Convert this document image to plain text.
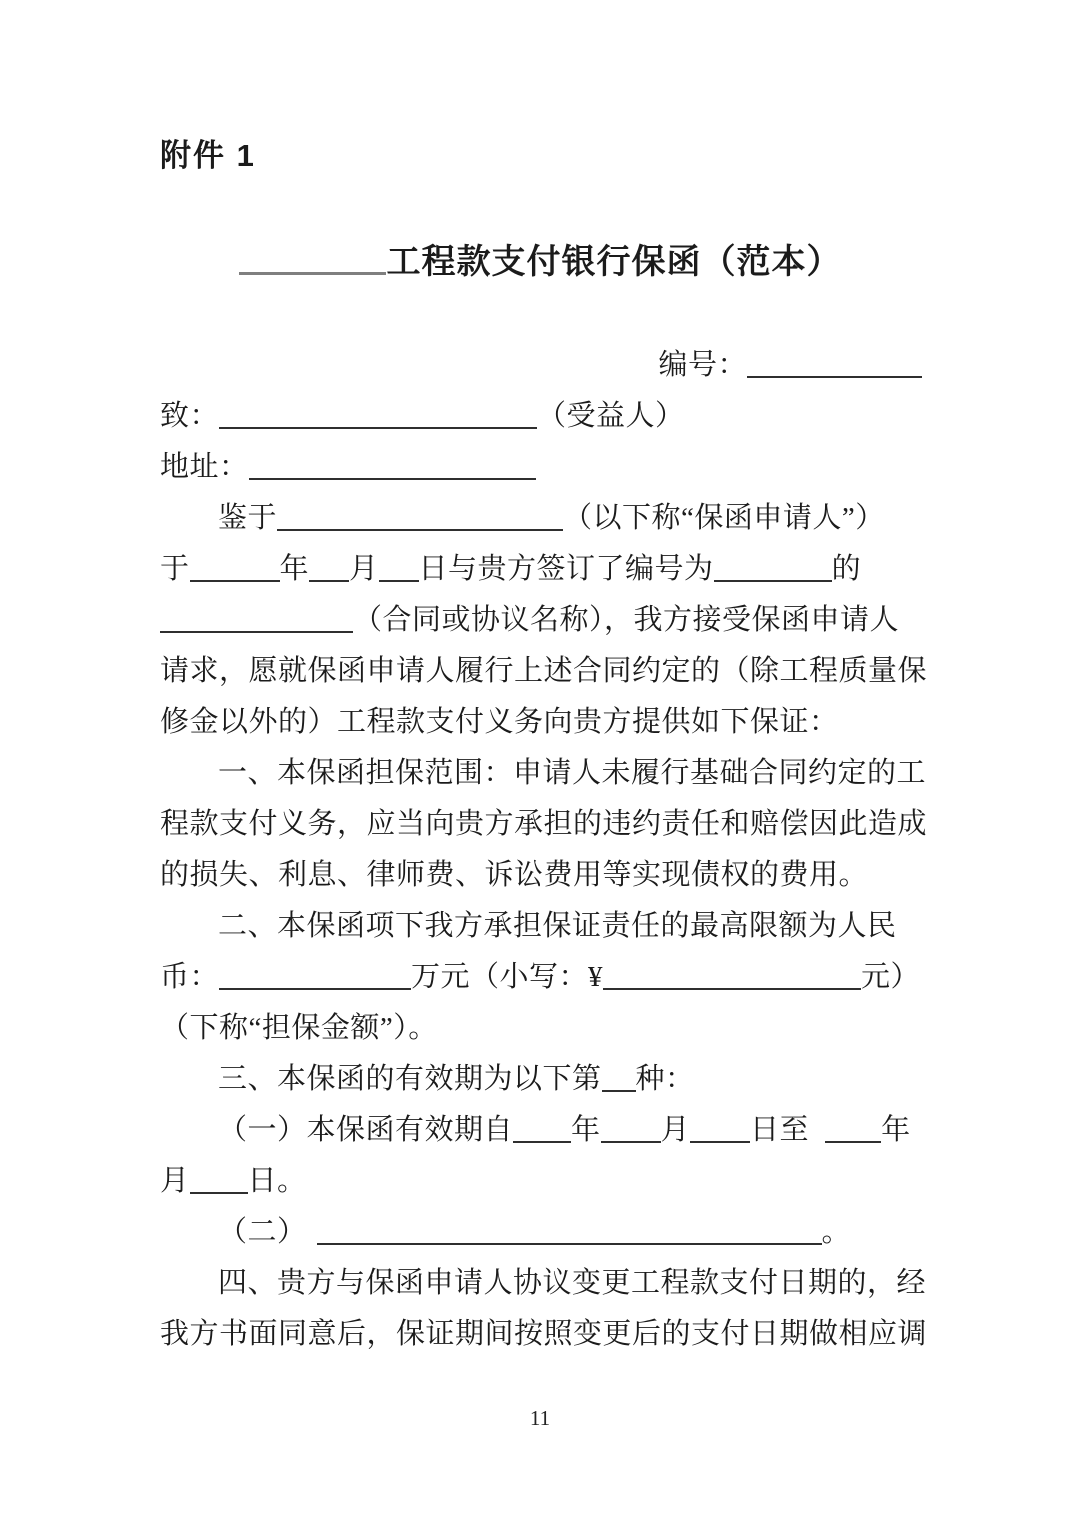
附件 1
工程款支付银行保函（范本）
编号：
致：	（受益人）
地址：
鉴于	（以下称“保函申请人”）
于	年 月 日与贵方签订了编号为	的
（合同或协议名称），我方接受保函申请人
请求，愿就保函申请人履行上述合同约定的（除工程质量保
修金以外的）工程款支付义务向贵方提供如下保证：
一、本保函担保范围：申请人未履行基础合同约定的工
程款支付义务，应当向贵方承担的违约责任和赔偿因此造成
的损失、利息、律师费、诉讼费用等实现债权的费用。
二、本保函项下我方承担保证责任的最高限额为人民
币：	万元（小写：¥	元）
（下称“担保金额”）。
三、本保函的有效期为以下第 种：
（一）本保函有效期自 年 月 日至 年
月 日。
（二）	。
四、贵方与保函申请人协议变更工程款支付日期的，经
我方书面同意后，保证期间按照变更后的支付日期做相应调
11
